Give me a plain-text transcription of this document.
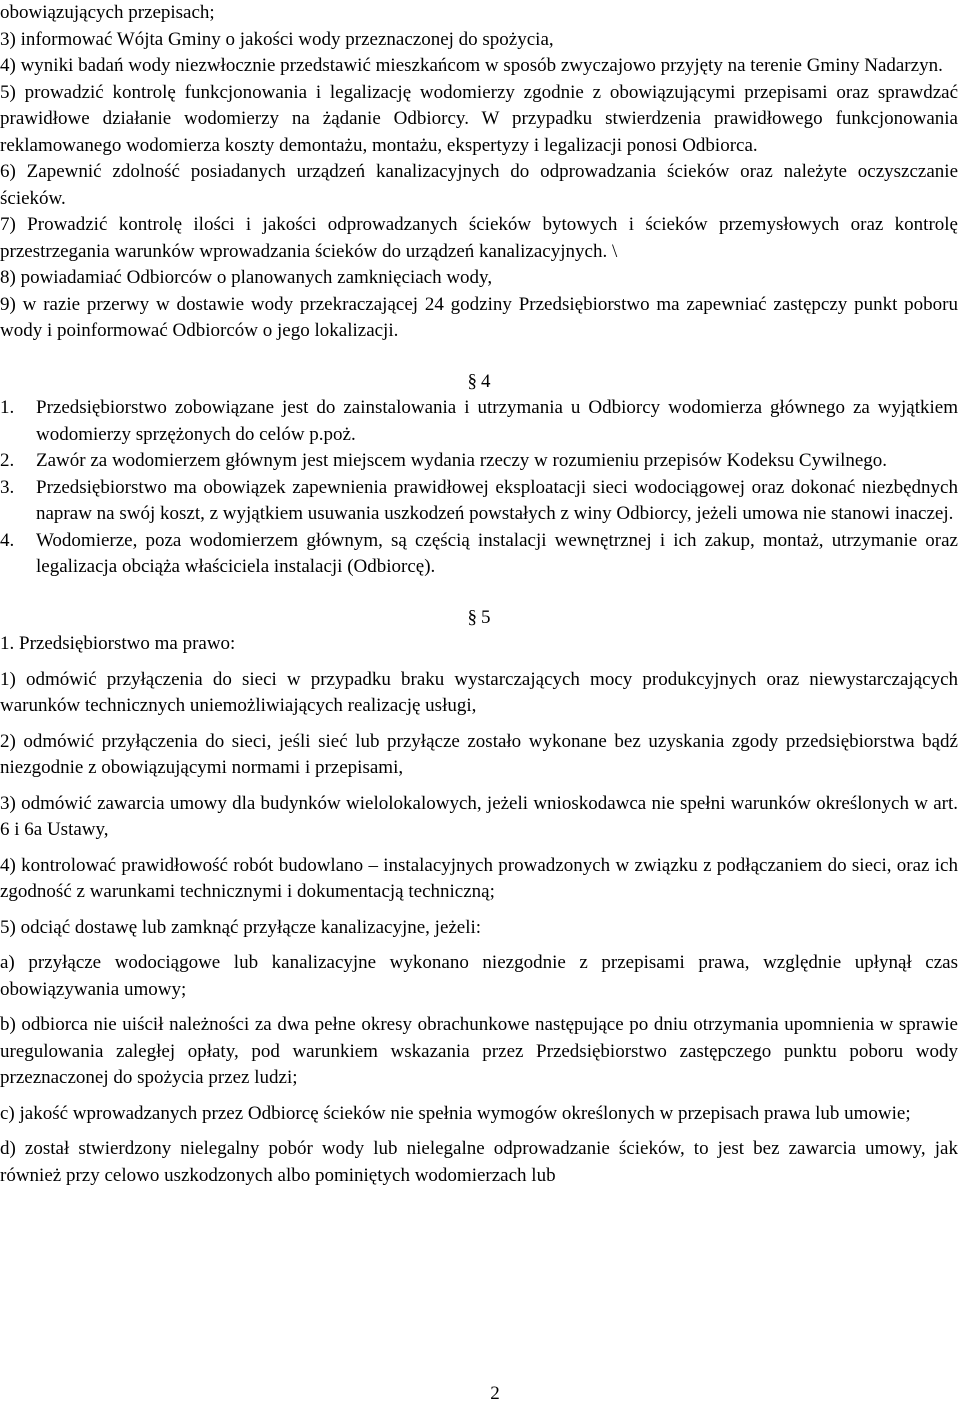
obowiązujących przepisach;

3) informować Wójta Gminy o jakości wody przeznaczonej do spożycia,

4) wyniki badań wody niezwłocznie przedstawić mieszkańcom w sposób zwyczajowo przyjęty na terenie Gminy Nadarzyn.

5) prowadzić kontrolę funkcjonowania i legalizację wodomierzy zgodnie z obowiązującymi przepisami oraz sprawdzać prawidłowe działanie wodomierzy na żądanie Odbiorcy. W przypadku stwierdzenia prawidłowego funkcjonowania reklamowanego wodomierza koszty demontażu, montażu, ekspertyzy i legalizacji ponosi Odbiorca.

6) Zapewnić zdolność posiadanych urządzeń kanalizacyjnych do odprowadzania ścieków oraz należyte oczyszczanie ścieków.

7) Prowadzić kontrolę ilości i jakości odprowadzanych ścieków bytowych i ścieków przemysłowych oraz kontrolę przestrzegania warunków wprowadzania ścieków do urządzeń kanalizacyjnych. \

8) powiadamiać Odbiorców o planowanych zamknięciach wody,

9) w razie przerwy w dostawie wody przekraczającej 24 godziny Przedsiębiorstwo ma zapewniać zastępczy punkt poboru wody i poinformować Odbiorców o jego lokalizacji.

§ 4
1. Przedsiębiorstwo zobowiązane jest do zainstalowania i utrzymania u Odbiorcy wodomierza głównego za wyjątkiem wodomierzy sprzężonych do celów p.poż.
2. Zawór za wodomierzem głównym jest miejscem wydania rzeczy w rozumieniu przepisów Kodeksu Cywilnego.
3. Przedsiębiorstwo ma obowiązek zapewnienia prawidłowej eksploatacji sieci wodociągowej oraz dokonać niezbędnych napraw na swój koszt, z wyjątkiem usuwania uszkodzeń powstałych z winy Odbiorcy, jeżeli umowa nie stanowi inaczej.
4. Wodomierze, poza wodomierzem głównym, są częścią instalacji wewnętrznej i ich zakup, montaż, utrzymanie oraz legalizacja obciąża właściciela instalacji (Odbiorcę).
§ 5

1. Przedsiębiorstwo ma prawo:

1) odmówić przyłączenia do sieci w przypadku braku wystarczających mocy produkcyjnych oraz niewystarczających warunków technicznych uniemożliwiających realizację usługi,

2) odmówić przyłączenia do sieci, jeśli sieć lub przyłącze zostało wykonane bez uzyskania zgody przedsiębiorstwa bądź niezgodnie z obowiązującymi normami i przepisami,

3) odmówić zawarcia umowy dla budynków wielolokalowych, jeżeli wnioskodawca nie spełni warunków określonych w art. 6 i 6a Ustawy,

4) kontrolować prawidłowość robót budowlano – instalacyjnych prowadzonych w związku z podłączaniem do sieci, oraz ich zgodność z warunkami technicznymi i dokumentacją techniczną;

5) odciąć dostawę lub zamknąć przyłącze kanalizacyjne, jeżeli:

a) przyłącze wodociągowe lub kanalizacyjne wykonano niezgodnie z przepisami prawa, względnie upłynął czas obowiązywania umowy;

b) odbiorca nie uiścił należności za dwa pełne okresy obrachunkowe następujące po dniu otrzymania upomnienia w sprawie uregulowania zaległej opłaty, pod warunkiem wskazania przez Przedsiębiorstwo zastępczego punktu poboru wody przeznaczonej do spożycia przez ludzi;

c) jakość wprowadzanych przez Odbiorcę ścieków nie spełnia wymogów określonych w przepisach prawa lub umowie;

d) został stwierdzony nielegalny pobór wody lub nielegalne odprowadzanie ścieków, to jest bez zawarcia umowy, jak również przy celowo uszkodzonych albo pominiętych wodomierzach lub

2
